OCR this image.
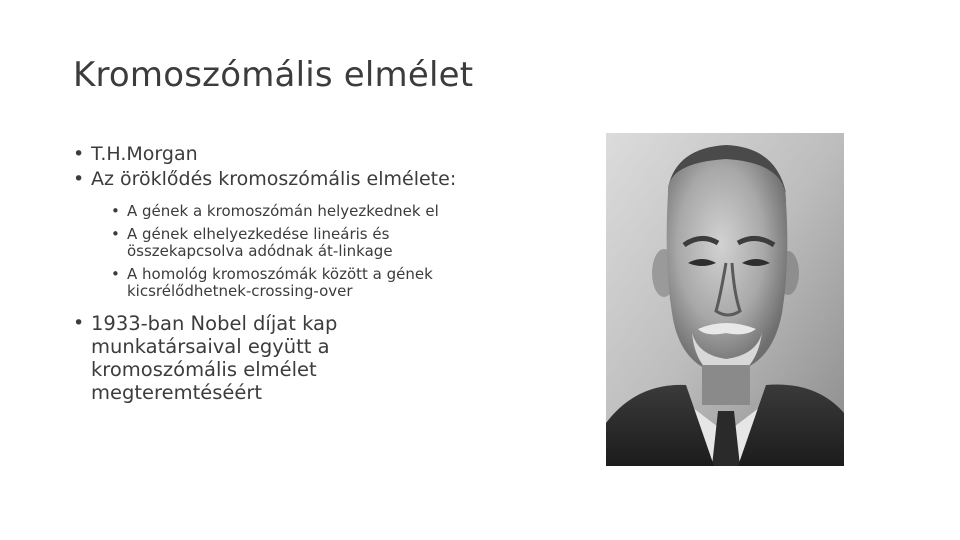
Kromoszómális elmélet
• T.H.Morgan
• Az öröklődés kromoszómális elmélete:
• A gének a kromoszómán helyezkednek el
• A gének elhelyezkedése lineáris és összekapcsolva adódnak át-linkage
• A homológ kromoszómák között a gének kicsrélődhetnek-crossing-over
• 1933-ban Nobel díjat kap munkatársaival együtt a kromoszómális elmélet megteremtéséért
